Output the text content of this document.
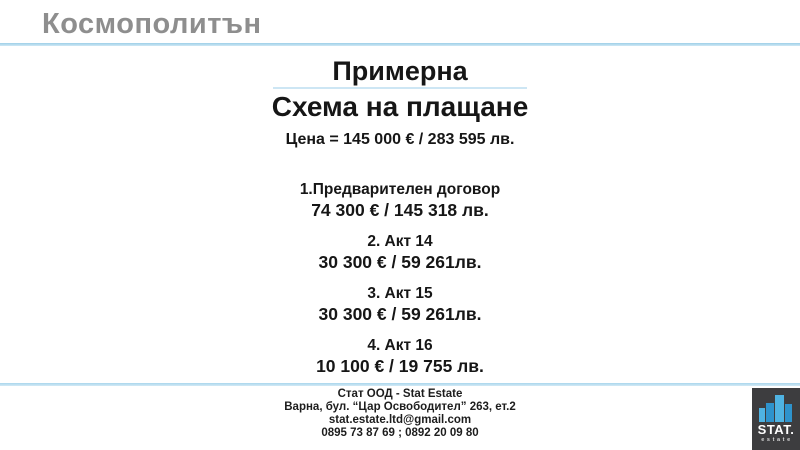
Космополитън
Примерна
Схема на плащане
Цена = 145 000 € / 283 595 лв.
1.Предварителен договор
74 300 € / 145 318 лв.
2. Акт 14
30 300 € / 59 261лв.
3. Акт 15
30 300 € / 59 261лв.
4. Акт 16
10 100 € / 19 755 лв.
Стат ООД - Stat Estate
Варна, бул. “Цар Освободител” 263, ет.2
stat.estate.ltd@gmail.com
0895 73 87 69 ; 0892 20 09 80	STAT.
estate
